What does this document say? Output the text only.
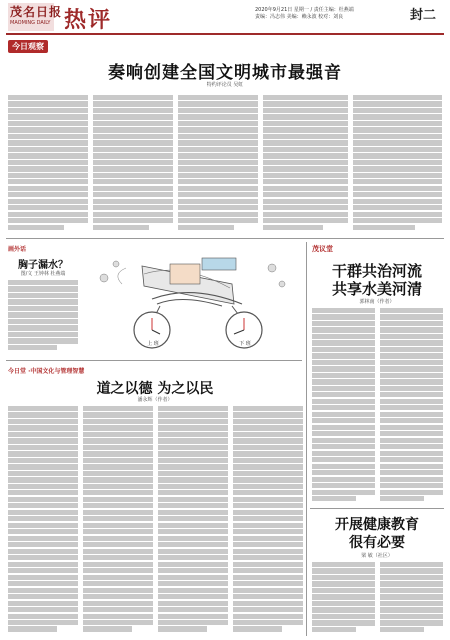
茂名日报
MAOMING DAILY 热评	2020年9月21日 星期一 / 责任主编：杜燕端
责编：冯志伟 美编：赖永波 校对：刘良	封二
今日观察
奏响创建全国文明城市最强音
特约评论员 吴虹
画外话
胸子漏水？
图/文 王钟林 杜燕端
上 班	下 班
今日堂 ·中国文化与管理智慧
道之以德 为之以民
潘永辉（作者）
茂议堂
干群共治河流
共享水美河清
郭林南（作者）
开展健康教育
很有必要
梁 敏（社区）
